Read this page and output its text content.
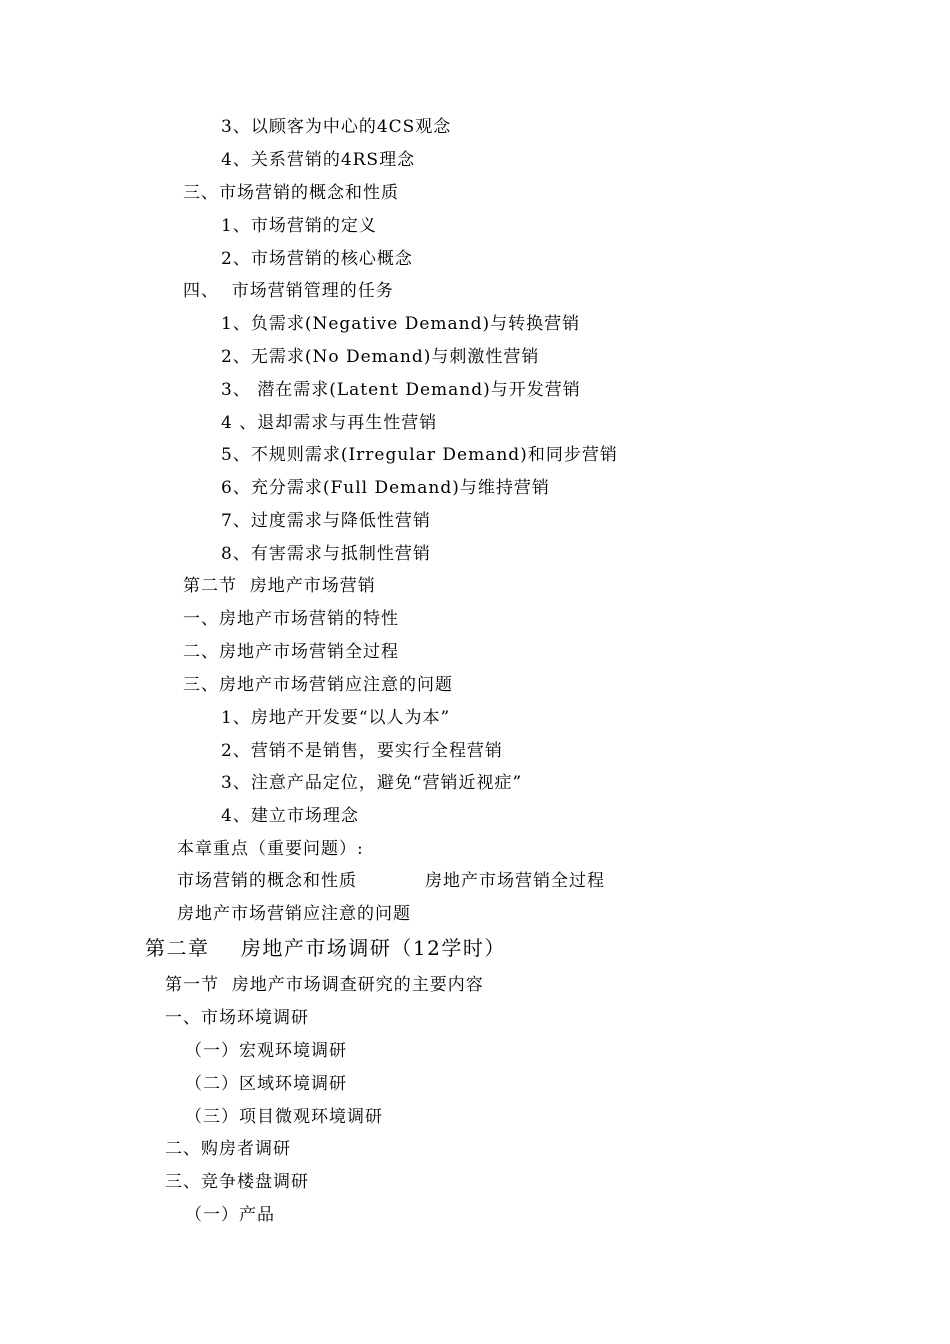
3、以顾客为中心的4CS观念
4、关系营销的4RS理念
三、市场营销的概念和性质
1、市场营销的定义
2、市场营销的核心概念
四、  市场营销管理的任务
1、负需求(Negative Demand)与转换营销
2、无需求(No Demand)与刺激性营销
3、 潜在需求(Latent Demand)与开发营销
4 、退却需求与再生性营销
5、不规则需求(Irregular Demand)和同步营销
6、充分需求(Full Demand)与维持营销
7、过度需求与降低性营销
8、有害需求与抵制性营销
第二节  房地产市场营销
一、房地产市场营销的特性
二、房地产市场营销全过程
三、房地产市场营销应注意的问题
1、房地产开发要“以人为本”
2、营销不是销售，要实行全程营销
3、注意产品定位，避免“营销近视症”
4、建立市场理念
本章重点（重要问题）:
市场营销的概念和性质	房地产市场营销全过程
房地产市场营销应注意的问题
第二章    房地产市场调研（12学时）
第一节  房地产市场调查研究的主要内容
一、市场环境调研
（一）宏观环境调研
（二）区域环境调研
（三）项目微观环境调研
二、购房者调研
三、竞争楼盘调研
（一）产品
